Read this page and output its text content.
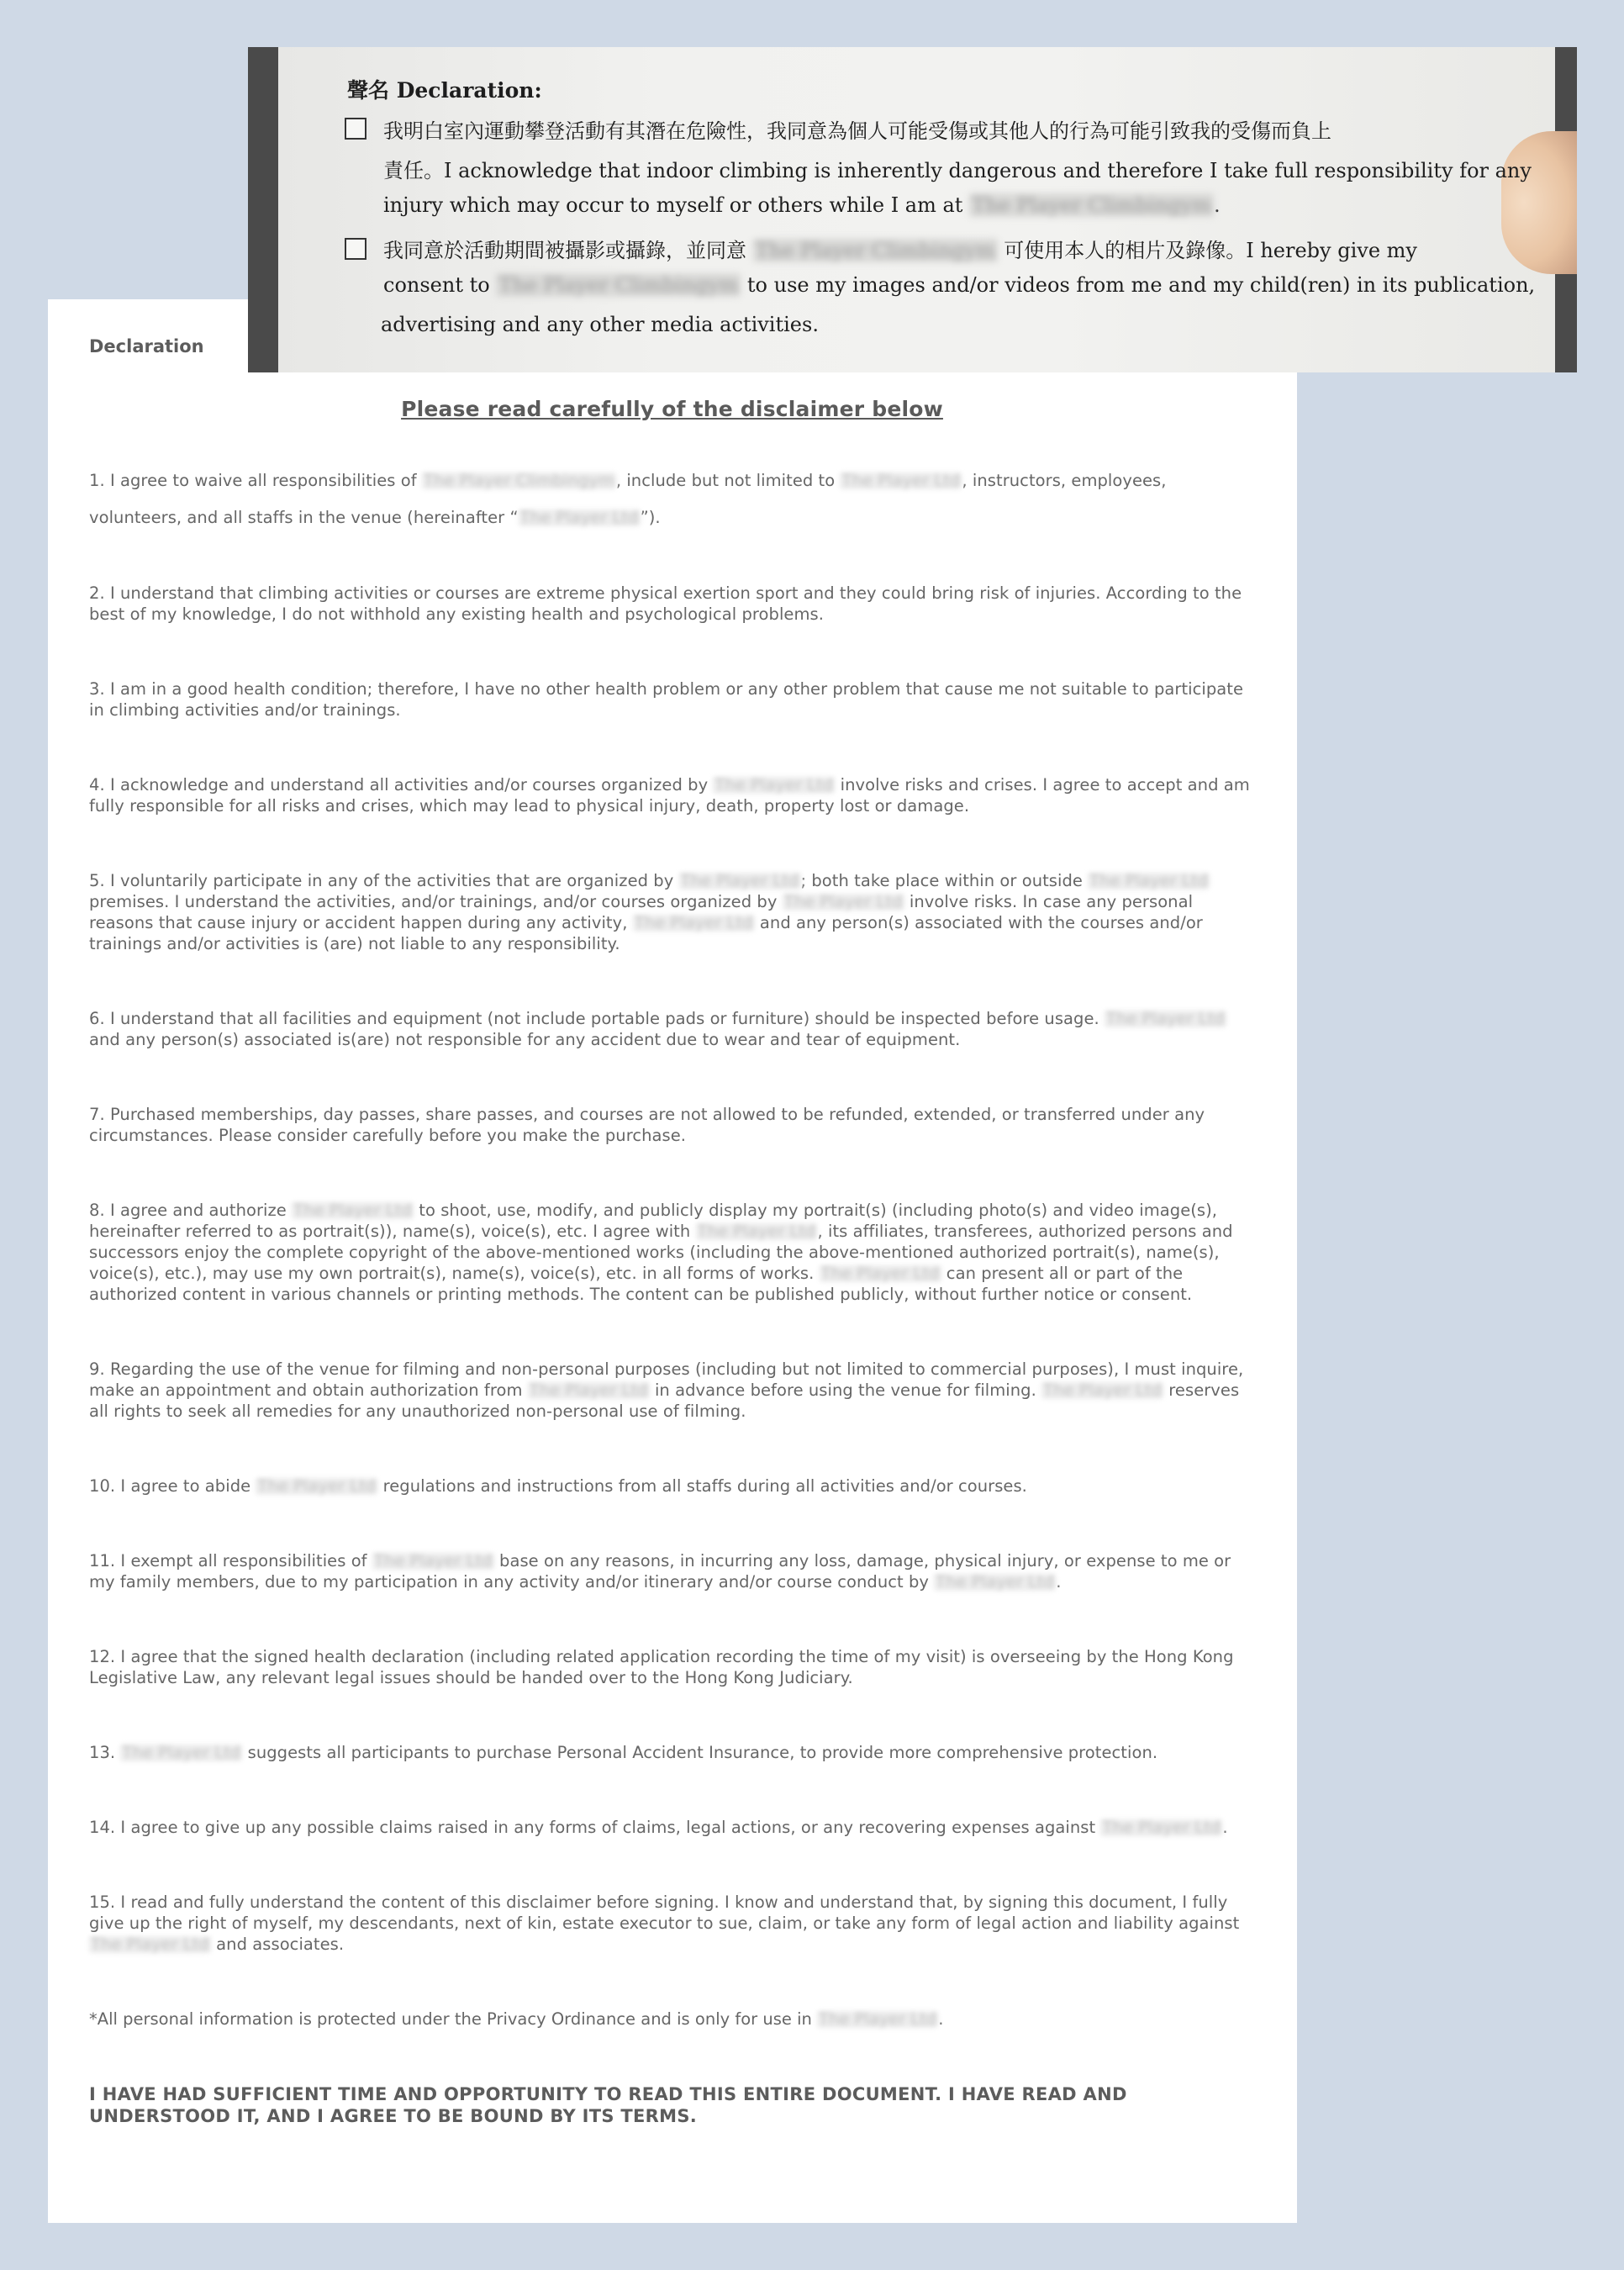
Declaration
Please read carefully of the disclaimer below

1. I agree to waive all responsibilities of The Player Climbingym , include but not limited to The Player Ltd , instructors, employees, volunteers, and all staffs in the venue (hereinafter “ The Player Ltd ”).

2. I understand that climbing activities or courses are extreme physical exertion sport and they could bring risk of injuries. According to the best of my knowledge, I do not withhold any existing health and psychological problems.

3. I am in a good health condition; therefore, I have no other health problem or any other problem that cause me not suitable to participate in climbing activities and/or trainings.

4. I acknowledge and understand all activities and/or courses organized by The Player Ltd involve risks and crises. I agree to accept and am fully responsible for all risks and crises, which may lead to physical injury, death, property lost or damage.

5. I voluntarily participate in any of the activities that are organized by The Player Ltd ; both take place within or outside The Player Ltd premises. I understand the activities, and/or trainings, and/or courses organized by The Player Ltd involve risks. In case any personal reasons that cause injury or accident happen during any activity, The Player Ltd and any person(s) associated with the courses and/or trainings and/or activities is (are) not liable to any responsibility.

6. I understand that all facilities and equipment (not include portable pads or furniture) should be inspected before usage. The Player Ltd and any person(s) associated is(are) not responsible for any accident due to wear and tear of equipment.

7. Purchased memberships, day passes, share passes, and courses are not allowed to be refunded, extended, or transferred under any circumstances. Please consider carefully before you make the purchase.

8. I agree and authorize The Player Ltd to shoot, use, modify, and publicly display my portrait(s) (including photo(s) and video image(s), hereinafter referred to as portrait(s)), name(s), voice(s), etc. I agree with The Player Ltd , its affiliates, transferees, authorized persons and successors enjoy the complete copyright of the above-mentioned works (including the above-mentioned authorized portrait(s), name(s), voice(s), etc.), may use my own portrait(s), name(s), voice(s), etc. in all forms of works. The Player Ltd can present all or part of the authorized content in various channels or printing methods. The content can be published publicly, without further notice or consent.

9. Regarding the use of the venue for filming and non-personal purposes (including but not limited to commercial purposes), I must inquire, make an appointment and obtain authorization from The Player Ltd in advance before using the venue for filming. The Player Ltd reserves all rights to seek all remedies for any unauthorized non-personal use of filming.

10. I agree to abide The Player Ltd regulations and instructions from all staffs during all activities and/or courses.

11. I exempt all responsibilities of The Player Ltd base on any reasons, in incurring any loss, damage, physical injury, or expense to me or my family members, due to my participation in any activity and/or itinerary and/or course conduct by The Player Ltd .

12. I agree that the signed health declaration (including related application recording the time of my visit) is overseeing by the Hong Kong Legislative Law, any relevant legal issues should be handed over to the Hong Kong Judiciary.

13. The Player Ltd suggests all participants to purchase Personal Accident Insurance, to provide more comprehensive protection.

14. I agree to give up any possible claims raised in any forms of claims, legal actions, or any recovering expenses against The Player Ltd .

15. I read and fully understand the content of this disclaimer before signing. I know and understand that, by signing this document, I fully give up the right of myself, my descendants, next of kin, estate executor to sue, claim, or take any form of legal action and liability against The Player Ltd and associates.

*All personal information is protected under the Privacy Ordinance and is only for use in The Player Ltd .

I HAVE HAD SUFFICIENT TIME AND OPPORTUNITY TO READ THIS ENTIRE DOCUMENT. I HAVE READ AND
UNDERSTOOD IT, AND I AGREE TO BE BOUND BY ITS TERMS.
聲名 Declaration:
我明白室內運動攀登活動有其潛在危險性，我同意為個人可能受傷或其他人的行為可能引致我的受傷而負上
責任。I acknowledge that indoor climbing is inherently dangerous and therefore I take full responsibility for any
injury which may occur to myself or others while I am at The Player Climbingym .
我同意於活動期間被攝影或攝錄，並同意 The Player Climbingym 可使用本人的相片及錄像。I hereby give my
consent to The Player Climbingym to use my images and/or videos from me and my child(ren) in its publication,
advertising and any other media activities.
